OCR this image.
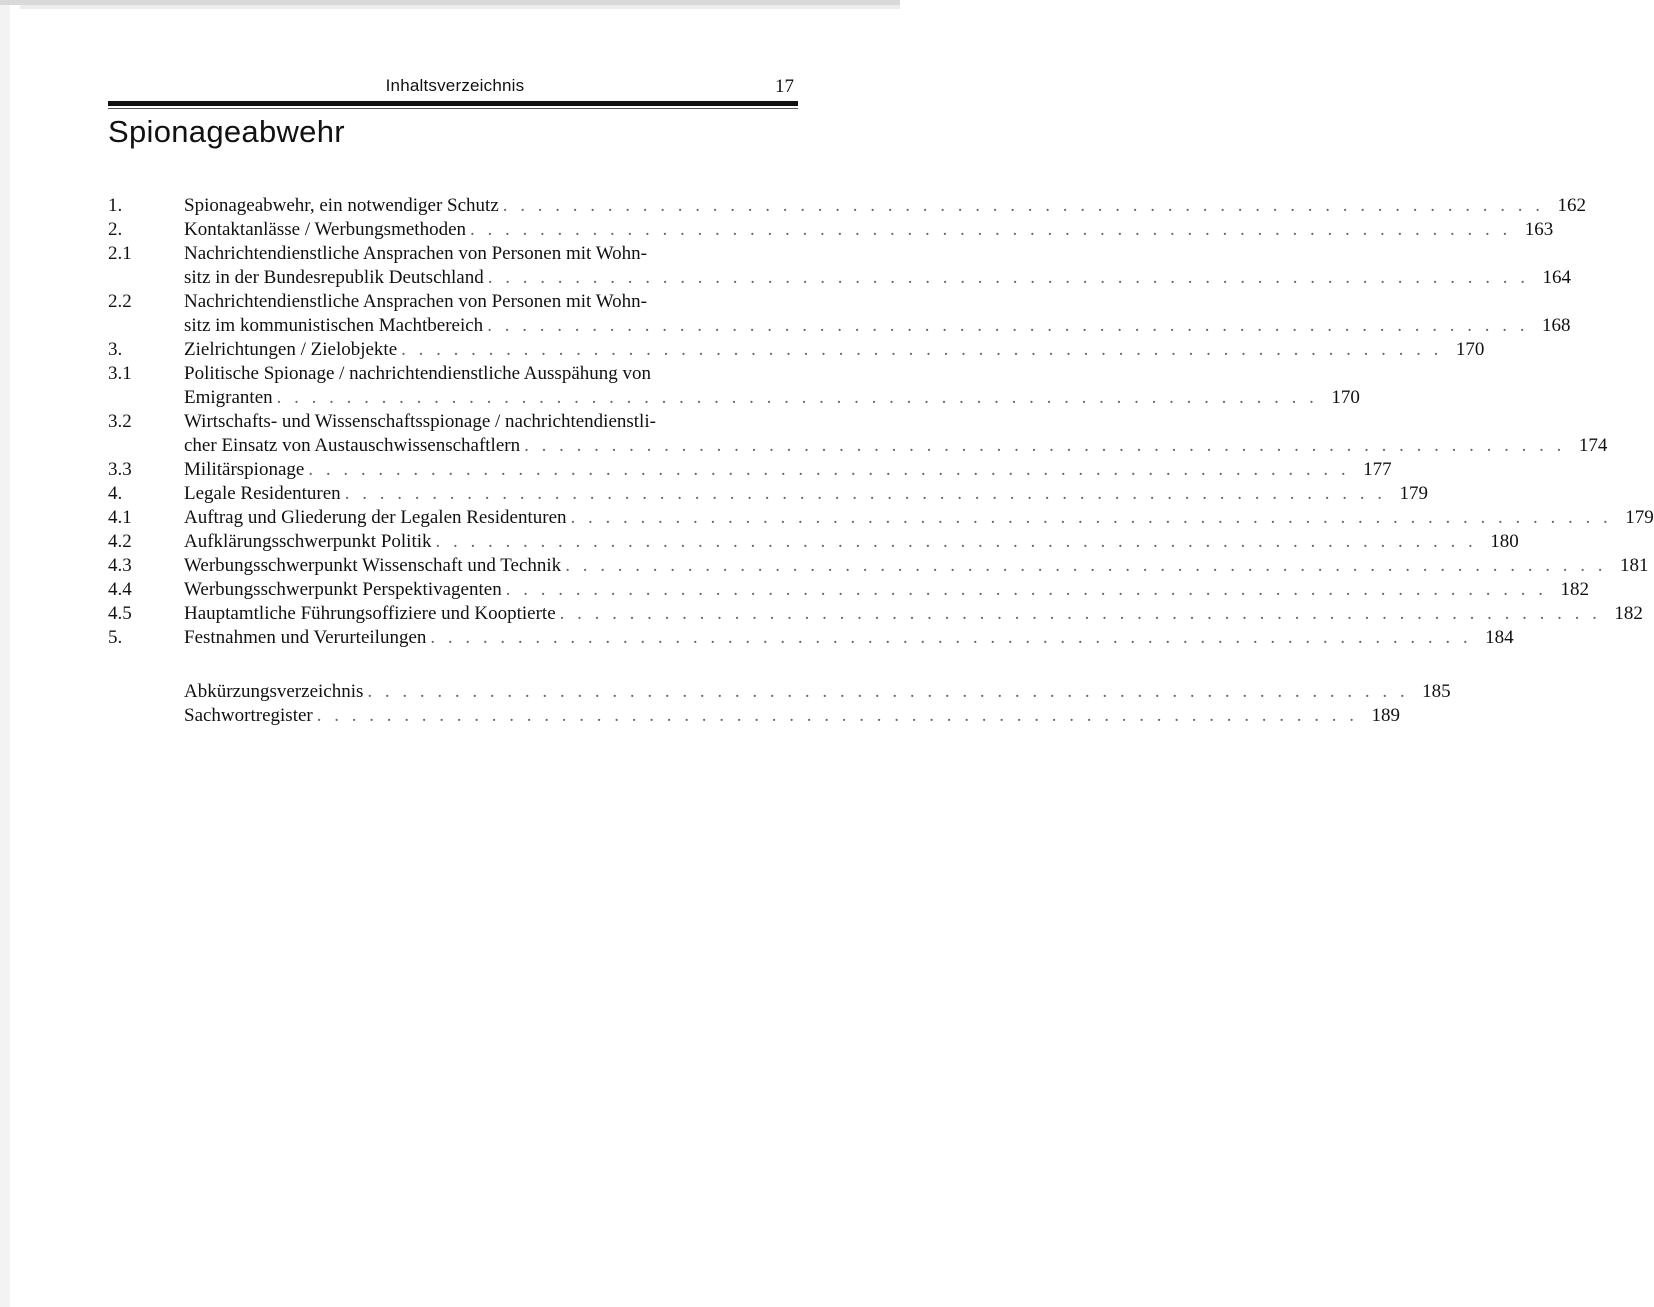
Inhaltsverzeichnis	17
Spionageabwehr
1.	Spionageabwehr, ein notwendiger Schutz . . . . . . . . . . . . . . . . . . . . . . . . . . . . . . . . . . . . . . . . . . . . . . . . . . . . . . . . . . . . 162
2.	Kontaktanlässe / Werbungsmethoden . . . . . . . . . . . . . . . . . . . . . . . . . . . . . . . . . . . . . . . . . . . . . . . . . . . . . . . . . . . . 163
2.1	Nachrichtendienstliche Ansprachen von Personen mit Wohn-
sitz in der Bundesrepublik Deutschland . . . . . . . . . . . . . . . . . . . . . . . . . . . . . . . . . . . . . . . . . . . . . . . . . . . . . . . . . . . . 164
2.2	Nachrichtendienstliche Ansprachen von Personen mit Wohn-
sitz im kommunistischen Machtbereich . . . . . . . . . . . . . . . . . . . . . . . . . . . . . . . . . . . . . . . . . . . . . . . . . . . . . . . . . . . . 168
3.	Zielrichtungen / Zielobjekte . . . . . . . . . . . . . . . . . . . . . . . . . . . . . . . . . . . . . . . . . . . . . . . . . . . . . . . . . . . . 170
3.1	Politische Spionage / nachrichtendienstliche Ausspähung von
Emigranten . . . . . . . . . . . . . . . . . . . . . . . . . . . . . . . . . . . . . . . . . . . . . . . . . . . . . . . . . . . . 170
3.2	Wirtschafts- und Wissenschaftsspionage / nachrichtendienstli-
cher Einsatz von Austauschwissenschaftlern . . . . . . . . . . . . . . . . . . . . . . . . . . . . . . . . . . . . . . . . . . . . . . . . . . . . . . . . . . . . 174
3.3	Militärspionage . . . . . . . . . . . . . . . . . . . . . . . . . . . . . . . . . . . . . . . . . . . . . . . . . . . . . . . . . . . . 177
4.	Legale Residenturen . . . . . . . . . . . . . . . . . . . . . . . . . . . . . . . . . . . . . . . . . . . . . . . . . . . . . . . . . . . . 179
4.1	Auftrag und Gliederung der Legalen Residenturen . . . . . . . . . . . . . . . . . . . . . . . . . . . . . . . . . . . . . . . . . . . . . . . . . . . . . . . . . . . . 179
4.2	Aufklärungsschwerpunkt Politik . . . . . . . . . . . . . . . . . . . . . . . . . . . . . . . . . . . . . . . . . . . . . . . . . . . . . . . . . . . . 180
4.3	Werbungsschwerpunkt Wissenschaft und Technik . . . . . . . . . . . . . . . . . . . . . . . . . . . . . . . . . . . . . . . . . . . . . . . . . . . . . . . . . . . . 181
4.4	Werbungsschwerpunkt Perspektivagenten . . . . . . . . . . . . . . . . . . . . . . . . . . . . . . . . . . . . . . . . . . . . . . . . . . . . . . . . . . . . 182
4.5	Hauptamtliche Führungsoffiziere und Kooptierte . . . . . . . . . . . . . . . . . . . . . . . . . . . . . . . . . . . . . . . . . . . . . . . . . . . . . . . . . . . . 182
5.	Festnahmen und Verurteilungen . . . . . . . . . . . . . . . . . . . . . . . . . . . . . . . . . . . . . . . . . . . . . . . . . . . . . . . . . . . . 184
Abkürzungsverzeichnis . . . . . . . . . . . . . . . . . . . . . . . . . . . . . . . . . . . . . . . . . . . . . . . . . . . . . . . . . . . . 185
Sachwortregister . . . . . . . . . . . . . . . . . . . . . . . . . . . . . . . . . . . . . . . . . . . . . . . . . . . . . . . . . . . . 189
